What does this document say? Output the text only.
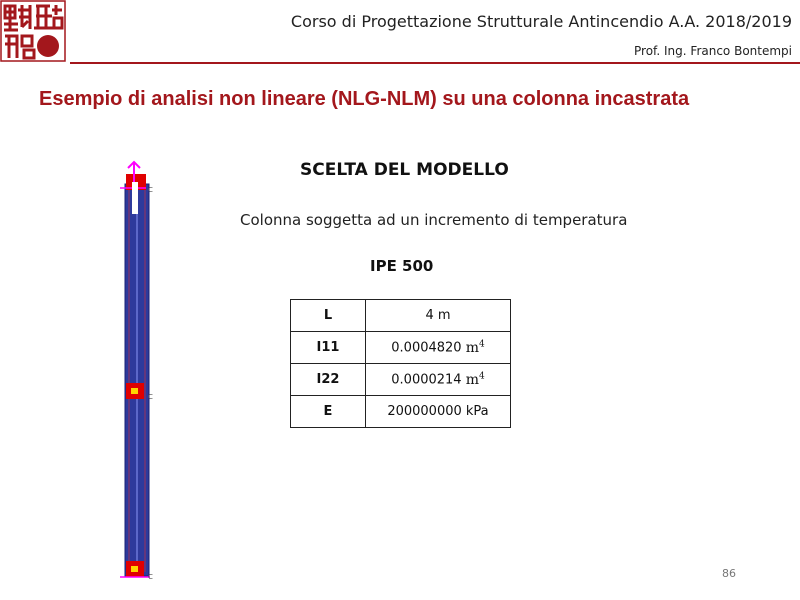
Corso di Progettazione Strutturale Antincendio A.A. 2018/2019
Prof. Ing. Franco Bontempi
Esempio di analisi non lineare (NLG-NLM) su una colonna incastrata
C
C
C
SCELTA DEL MODELLO
Colonna soggetta ad un incremento di temperatura
IPE 500
L	4 m
I11	0.0004820 $m^4$
I22	0.0000214 $m^4$
E	200000000 kPa
86
